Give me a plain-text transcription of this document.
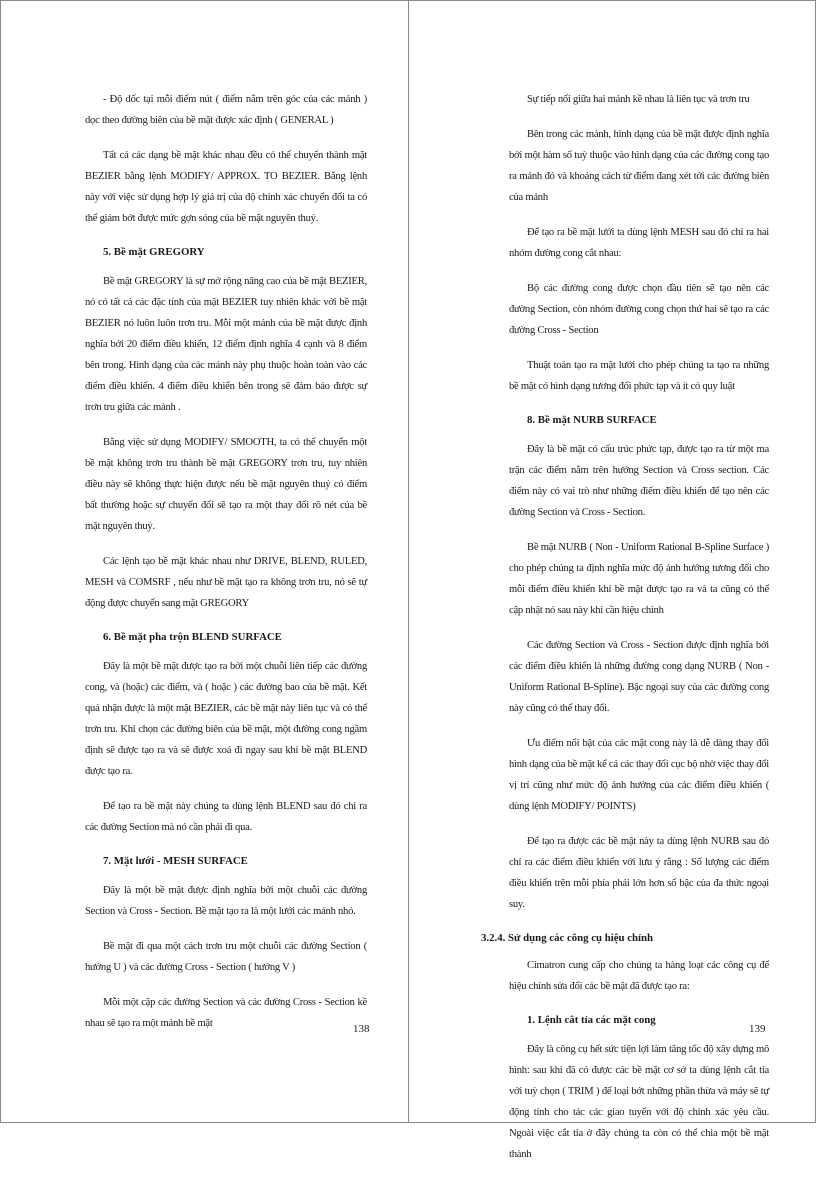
- Độ dốc tại mỗi điểm nút ( điểm nằm trên góc của các mảnh ) dọc theo đường biên của bề mặt được xác định ( GENERAL )

Tất cả các dạng bề mặt khác nhau đều có thể chuyển thành mặt BEZIER bằng lệnh MODIFY/ APPROX. TO BEZIER. Bằng lệnh này với việc sử dụng hợp lý giá trị của độ chính xác chuyển đổi ta có thể giảm bớt được mức gợn sóng của bề mặt nguyên thuỷ.

5. Bề mặt GREGORY

Bề mặt GREGORY là sự mở rộng nâng cao của bề mặt BEZIER, nó có tất cả các đặc tính của mặt BEZIER tuy nhiên khác với bề mặt BEZIER nó luôn luôn trơn tru. Mỗi một mảnh của bề mặt được định nghĩa bởi 20 điểm điều khiển, 12 điểm định nghĩa 4 cạnh và 8 điểm bên trong. Hình dạng của các mảnh này phụ thuộc hoàn toàn vào các điểm điều khiển. 4 điểm điều khiển bên trong sẽ đảm bảo được sự trơn tru giữa các mảnh .

Bằng việc sử dụng MODIFY/ SMOOTH, ta có thể chuyển một bề mặt không trơn tru thành bề mặt GREGORY trơn tru, tuy nhiên điều này sẽ không thực hiện được nếu bề mặt nguyên thuỷ có điểm bất thường hoặc sự chuyển đổi sẽ tạo ra một thay đổi rõ nét của bề mặt nguyên thuỷ.

Các lệnh tạo bề mặt khác nhau như DRIVE, BLEND, RULED, MESH và COMSRF , nếu như bề mặt tạo ra không trơn tru, nó sẽ tự động được chuyển sang mặt GREGORY

6. Bề mặt pha trộn BLEND SURFACE

Đây là một bề mặt được tạo ra bởi một chuỗi liên tiếp các đường cong, và (hoặc) các điểm, và ( hoặc ) các đường bao của bề mặt. Kết quả nhận được là một mặt BEZIER, các bề mặt này liên tục và có thể trơn tru. Khi chọn các đường biên của bề mặt, một đường cong ngầm định sẽ được tạo ra và sẽ được xoá đi ngay sau khi bề mặt BLEND được tạo ra.

Để tạo ra bề mặt này chúng ta dùng lệnh BLEND sau đó chỉ ra các đường Section mà nó cần phải đi qua.

7. Mặt lưới - MESH SURFACE

Đây là một bề mặt được định nghĩa bởi một chuỗi các đường Section và Cross - Section. Bề mặt tạo ra là một lưới các mảnh nhỏ.

Bề mặt đi qua một cách trơn tru một chuỗi các đường Section ( hướng U ) và các đường Cross - Section ( hướng V )

Mỗi một cặp các đường Section và các đường Cross - Section kề nhau sẽ tạo ra một mảnh bề mặt

Sự tiếp nối giữa hai mảnh kề nhau là liên tục và trơn tru

Bên trong các mảnh, hình dạng của bề mặt được định nghĩa bởi một hàm số tuỳ thuộc vào hình dạng của các đường cong tạo ra mảnh đó và khoảng cách từ điểm đang xét tới các đường biên của mảnh

Để tạo ra bề mặt lưới ta dùng lệnh MESH sau đó chỉ ra hai nhóm đường cong cắt nhau:

Bộ các đường cong được chọn đầu tiên sẽ tạo nên các đường Section, còn nhóm đường cong chọn thứ hai sẽ tạo ra các đường Cross - Section

Thuật toán tạo ra mặt lưới cho phép chúng ta tạo ra những bề mặt có hình dạng tương đối phức tạp và ít có quy luật

8. Bề mặt NURB SURFACE

Đây là bề mặt có cấu trúc phức tạp, được tạo ra từ một ma trận các điểm nằm trên hướng Section và Cross section. Các điểm này có vai trò như những điểm điều khiển để tạo nên các đường Section và Cross - Section.

Bề mặt NURB ( Non - Uniform Rational B-Spline Surface ) cho phép chúng ta định nghĩa mức độ ảnh hưởng tương đối cho mỗi điểm điều khiển khi bề mặt được tạo ra và ta cũng có thể cập nhật nó sau này khi cần hiệu chỉnh

Các đường Section và Cross - Section được định nghĩa bởi các điểm điều khiển là những đường cong dạng NURB ( Non - Uniform Rational B-Spline). Bậc ngoại suy của các đường cong này cũng có thể thay đổi.

Ưu điểm nổi bật của các mặt cong này là dễ dàng thay đổi hình dạng của bề mặt kể cả các thay đổi cục bộ nhờ việc thay đổi vị trí cũng như mức độ ảnh hưởng của các điểm điều khiển ( dùng lệnh MODIFY/ POINTS)

Để tạo ra được các bề mặt này ta dùng lệnh NURB sau đó chỉ ra các điểm điều khiển với lưu ý rằng : Số lượng các điểm điều khiển trên mỗi phía phải lớn hơn số bậc của đa thức ngoại suy.

3.2.4. Sử dụng các công cụ hiệu chỉnh

Cimatron cung cấp cho chúng ta hàng loạt các công cụ để hiệu chỉnh sửa đổi các bề mặt đã được tạo ra:

1. Lệnh cắt tỉa các mặt cong

Đây là công cụ hết sức tiện lợi làm tăng tốc độ xây dựng mô hình: sau khi đã có được các bề mặt cơ sở ta dùng lệnh cắt tỉa với tuỳ chọn ( TRIM ) để loại bớt những phần thừa và máy sẽ tự động tính cho tác các giao tuyến với độ chính xác yêu cầu. Ngoài việc cắt tỉa ở đây chúng ta còn có thể chia một bề mặt thành

138	139
